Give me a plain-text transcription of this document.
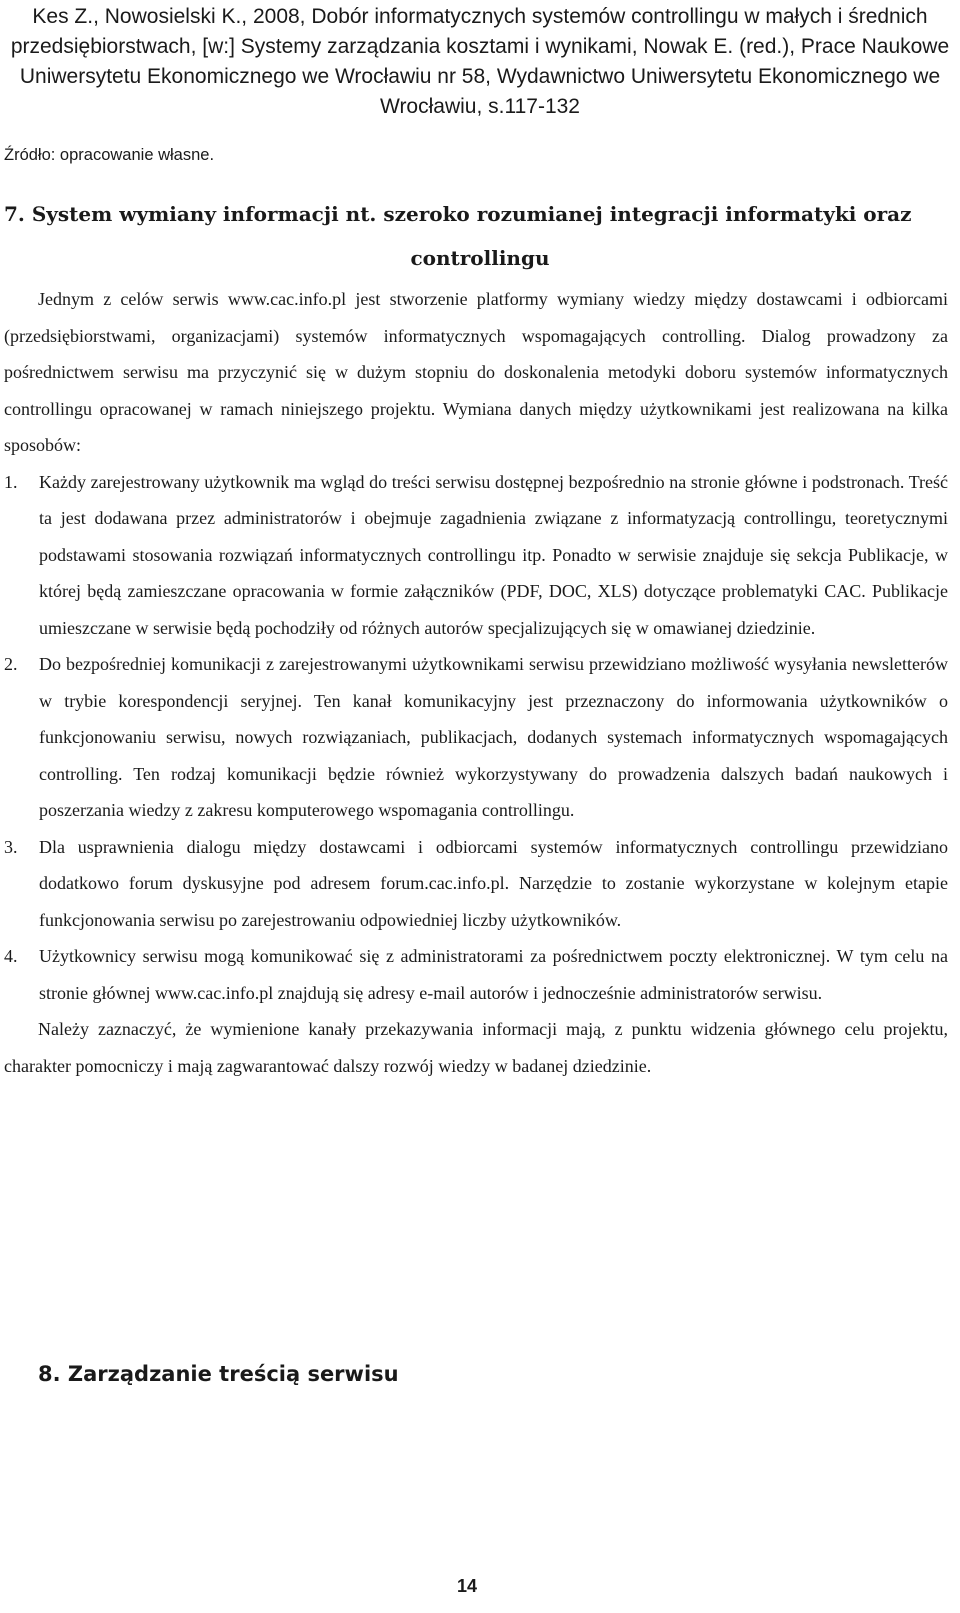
Kes Z., Nowosielski K., 2008, Dobór informatycznych systemów controllingu w małych i średnich przedsiębiorstwach, [w:] Systemy zarządzania kosztami i wynikami, Nowak E. (red.), Prace Naukowe Uniwersytetu Ekonomicznego we Wrocławiu nr 58, Wydawnictwo Uniwersytetu Ekonomicznego we Wrocławiu, s.117-132

Źródło: opracowanie własne.

7. System wymiany informacji nt. szeroko rozumianej integracji informatyki oraz
controllingu

Jednym z celów serwis www.cac.info.pl jest stworzenie platformy wymiany wiedzy między dostawcami i odbiorcami (przedsiębiorstwami, organizacjami) systemów informatycznych wspomagających controlling. Dialog prowadzony za pośrednictwem serwisu ma przyczynić się w dużym stopniu do doskonalenia metodyki doboru systemów informatycznych controllingu opracowanej w ramach niniejszego projektu. Wymiana danych między użytkownikami jest realizowana na kilka sposobów:

1. Każdy zarejestrowany użytkownik ma wgląd do treści serwisu dostępnej bezpośrednio na stronie główne i podstronach. Treść ta jest dodawana przez administratorów i obejmuje zagadnienia związane z informatyzacją controllingu, teoretycznymi podstawami stosowania rozwiązań informatycznych controllingu itp. Ponadto w serwisie znajduje się sekcja Publikacje, w której będą zamieszczane opracowania w formie załączników (PDF, DOC, XLS) dotyczące problematyki CAC. Publikacje umieszczane w serwisie będą pochodziły od różnych autorów specjalizujących się w omawianej dziedzinie.
2. Do bezpośredniej komunikacji z zarejestrowanymi użytkownikami serwisu przewidziano możliwość wysyłania newsletterów w trybie korespondencji seryjnej. Ten kanał komunikacyjny jest przeznaczony do informowania użytkowników o funkcjonowaniu serwisu, nowych rozwiązaniach, publikacjach, dodanych systemach informatycznych wspomagających controlling. Ten rodzaj komunikacji będzie również wykorzystywany do prowadzenia dalszych badań naukowych i poszerzania wiedzy z zakresu komputerowego wspomagania controllingu.
3. Dla usprawnienia dialogu między dostawcami i odbiorcami systemów informatycznych controllingu przewidziano dodatkowo forum dyskusyjne pod adresem forum.cac.info.pl. Narzędzie to zostanie wykorzystane w kolejnym etapie funkcjonowania serwisu po zarejestrowaniu odpowiedniej liczby użytkowników.
4. Użytkownicy serwisu mogą komunikować się z administratorami za pośrednictwem poczty elektronicznej. W tym celu na stronie głównej www.cac.info.pl znajdują się adresy e-mail autorów i jednocześnie administratorów serwisu.

Należy zaznaczyć, że wymienione kanały przekazywania informacji mają, z punktu widzenia głównego celu projektu, charakter pomocniczy i mają zagwarantować dalszy rozwój wiedzy w badanej dziedzinie.

8. Zarządzanie treścią serwisu

14
